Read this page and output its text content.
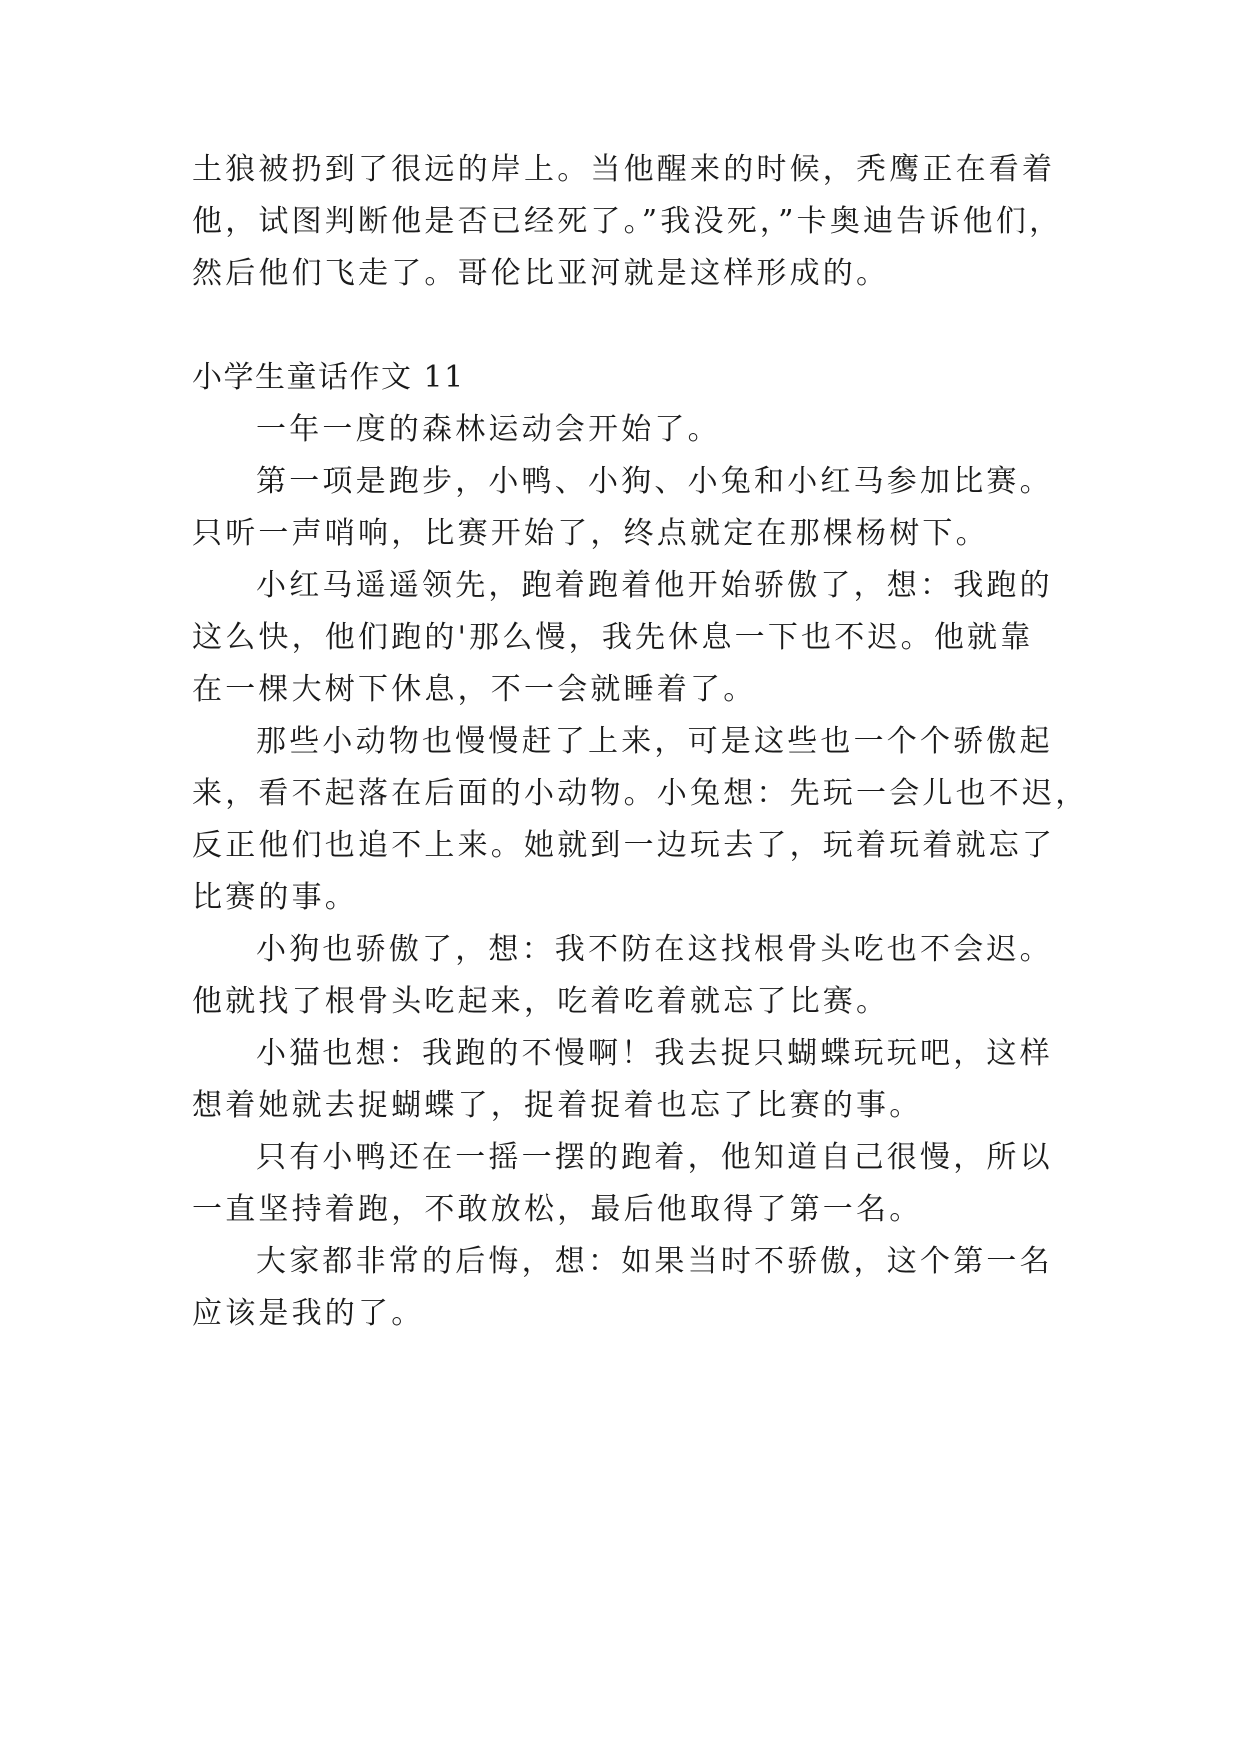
土狼被扔到了很远的岸上。当他醒来的时候，秃鹰正在看着
他，试图判断他是否已经死了。”我没死，”卡奥迪告诉他们，
然后他们飞走了。哥伦比亚河就是这样形成的。
小学生童话作文 11
一年一度的森林运动会开始了。
第一项是跑步，小鸭、小狗、小兔和小红马参加比赛。
只听一声哨响，比赛开始了，终点就定在那棵杨树下。
小红马遥遥领先，跑着跑着他开始骄傲了，想：我跑的
这么快，他们跑的'那么慢，我先休息一下也不迟。他就靠
在一棵大树下休息，不一会就睡着了。
那些小动物也慢慢赶了上来，可是这些也一个个骄傲起
来，看不起落在后面的小动物。小兔想：先玩一会儿也不迟，
反正他们也追不上来。她就到一边玩去了，玩着玩着就忘了
比赛的事。
小狗也骄傲了，想：我不防在这找根骨头吃也不会迟。
他就找了根骨头吃起来，吃着吃着就忘了比赛。
小猫也想：我跑的不慢啊！我去捉只蝴蝶玩玩吧，这样
想着她就去捉蝴蝶了，捉着捉着也忘了比赛的事。
只有小鸭还在一摇一摆的跑着，他知道自己很慢，所以
一直坚持着跑，不敢放松，最后他取得了第一名。
大家都非常的后悔，想：如果当时不骄傲，这个第一名
应该是我的了。
